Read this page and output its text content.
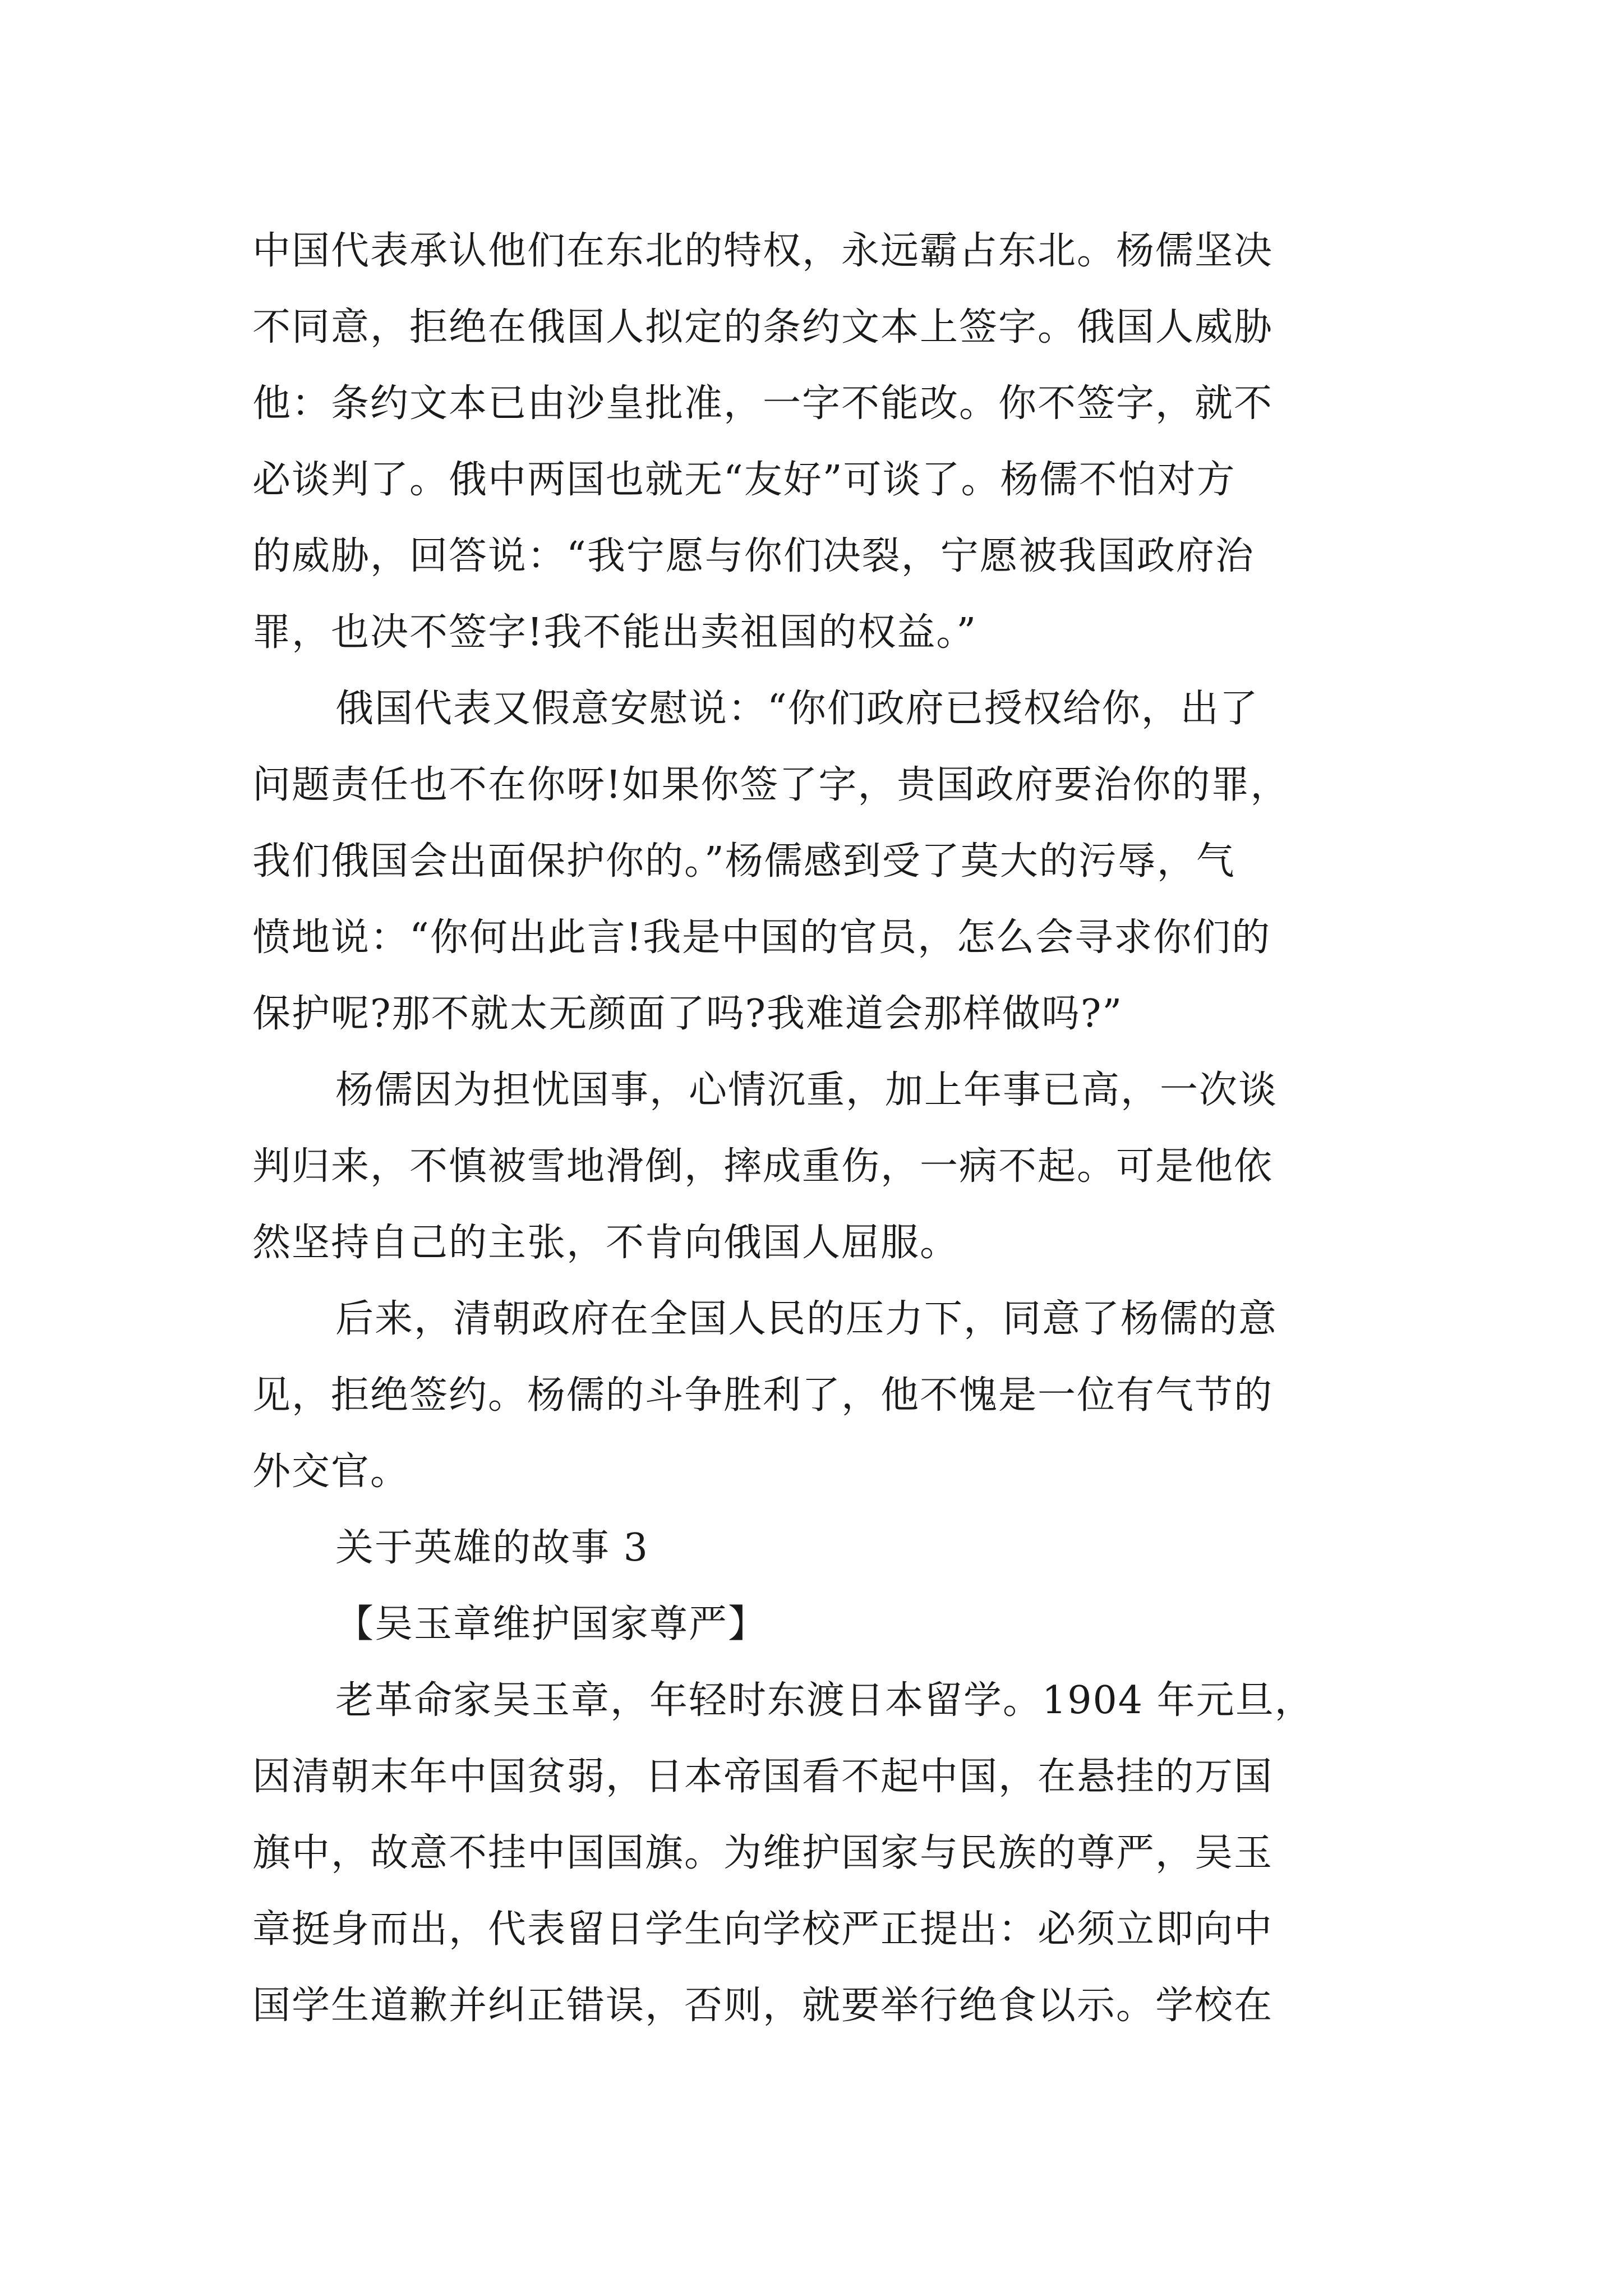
中国代表承认他们在东北的特权，永远霸占东北。杨儒坚决
不同意，拒绝在俄国人拟定的条约文本上签字。俄国人威胁
他：条约文本已由沙皇批准，一字不能改。你不签字，就不
必谈判了。俄中两国也就无“友好”可谈了。杨儒不怕对方
的威胁，回答说：“我宁愿与你们决裂，宁愿被我国政府治
罪，也决不签字!我不能出卖祖国的权益。”
俄国代表又假意安慰说：“你们政府已授权给你，出了
问题责任也不在你呀!如果你签了字，贵国政府要治你的罪，
我们俄国会出面保护你的。”杨儒感到受了莫大的污辱，气
愤地说：“你何出此言!我是中国的官员，怎么会寻求你们的
保护呢?那不就太无颜面了吗?我难道会那样做吗?”
杨儒因为担忧国事，心情沉重，加上年事已高，一次谈
判归来，不慎被雪地滑倒，摔成重伤，一病不起。可是他依
然坚持自己的主张，不肯向俄国人屈服。
后来，清朝政府在全国人民的压力下，同意了杨儒的意
见，拒绝签约。杨儒的斗争胜利了，他不愧是一位有气节的
外交官。
关于英雄的故事 3
【吴玉章维护国家尊严】
老革命家吴玉章，年轻时东渡日本留学。1904 年元旦，
因清朝末年中国贫弱，日本帝国看不起中国，在悬挂的万国
旗中，故意不挂中国国旗。为维护国家与民族的尊严，吴玉
章挺身而出，代表留日学生向学校严正提出：必须立即向中
国学生道歉并纠正错误，否则，就要举行绝食以示。学校在
